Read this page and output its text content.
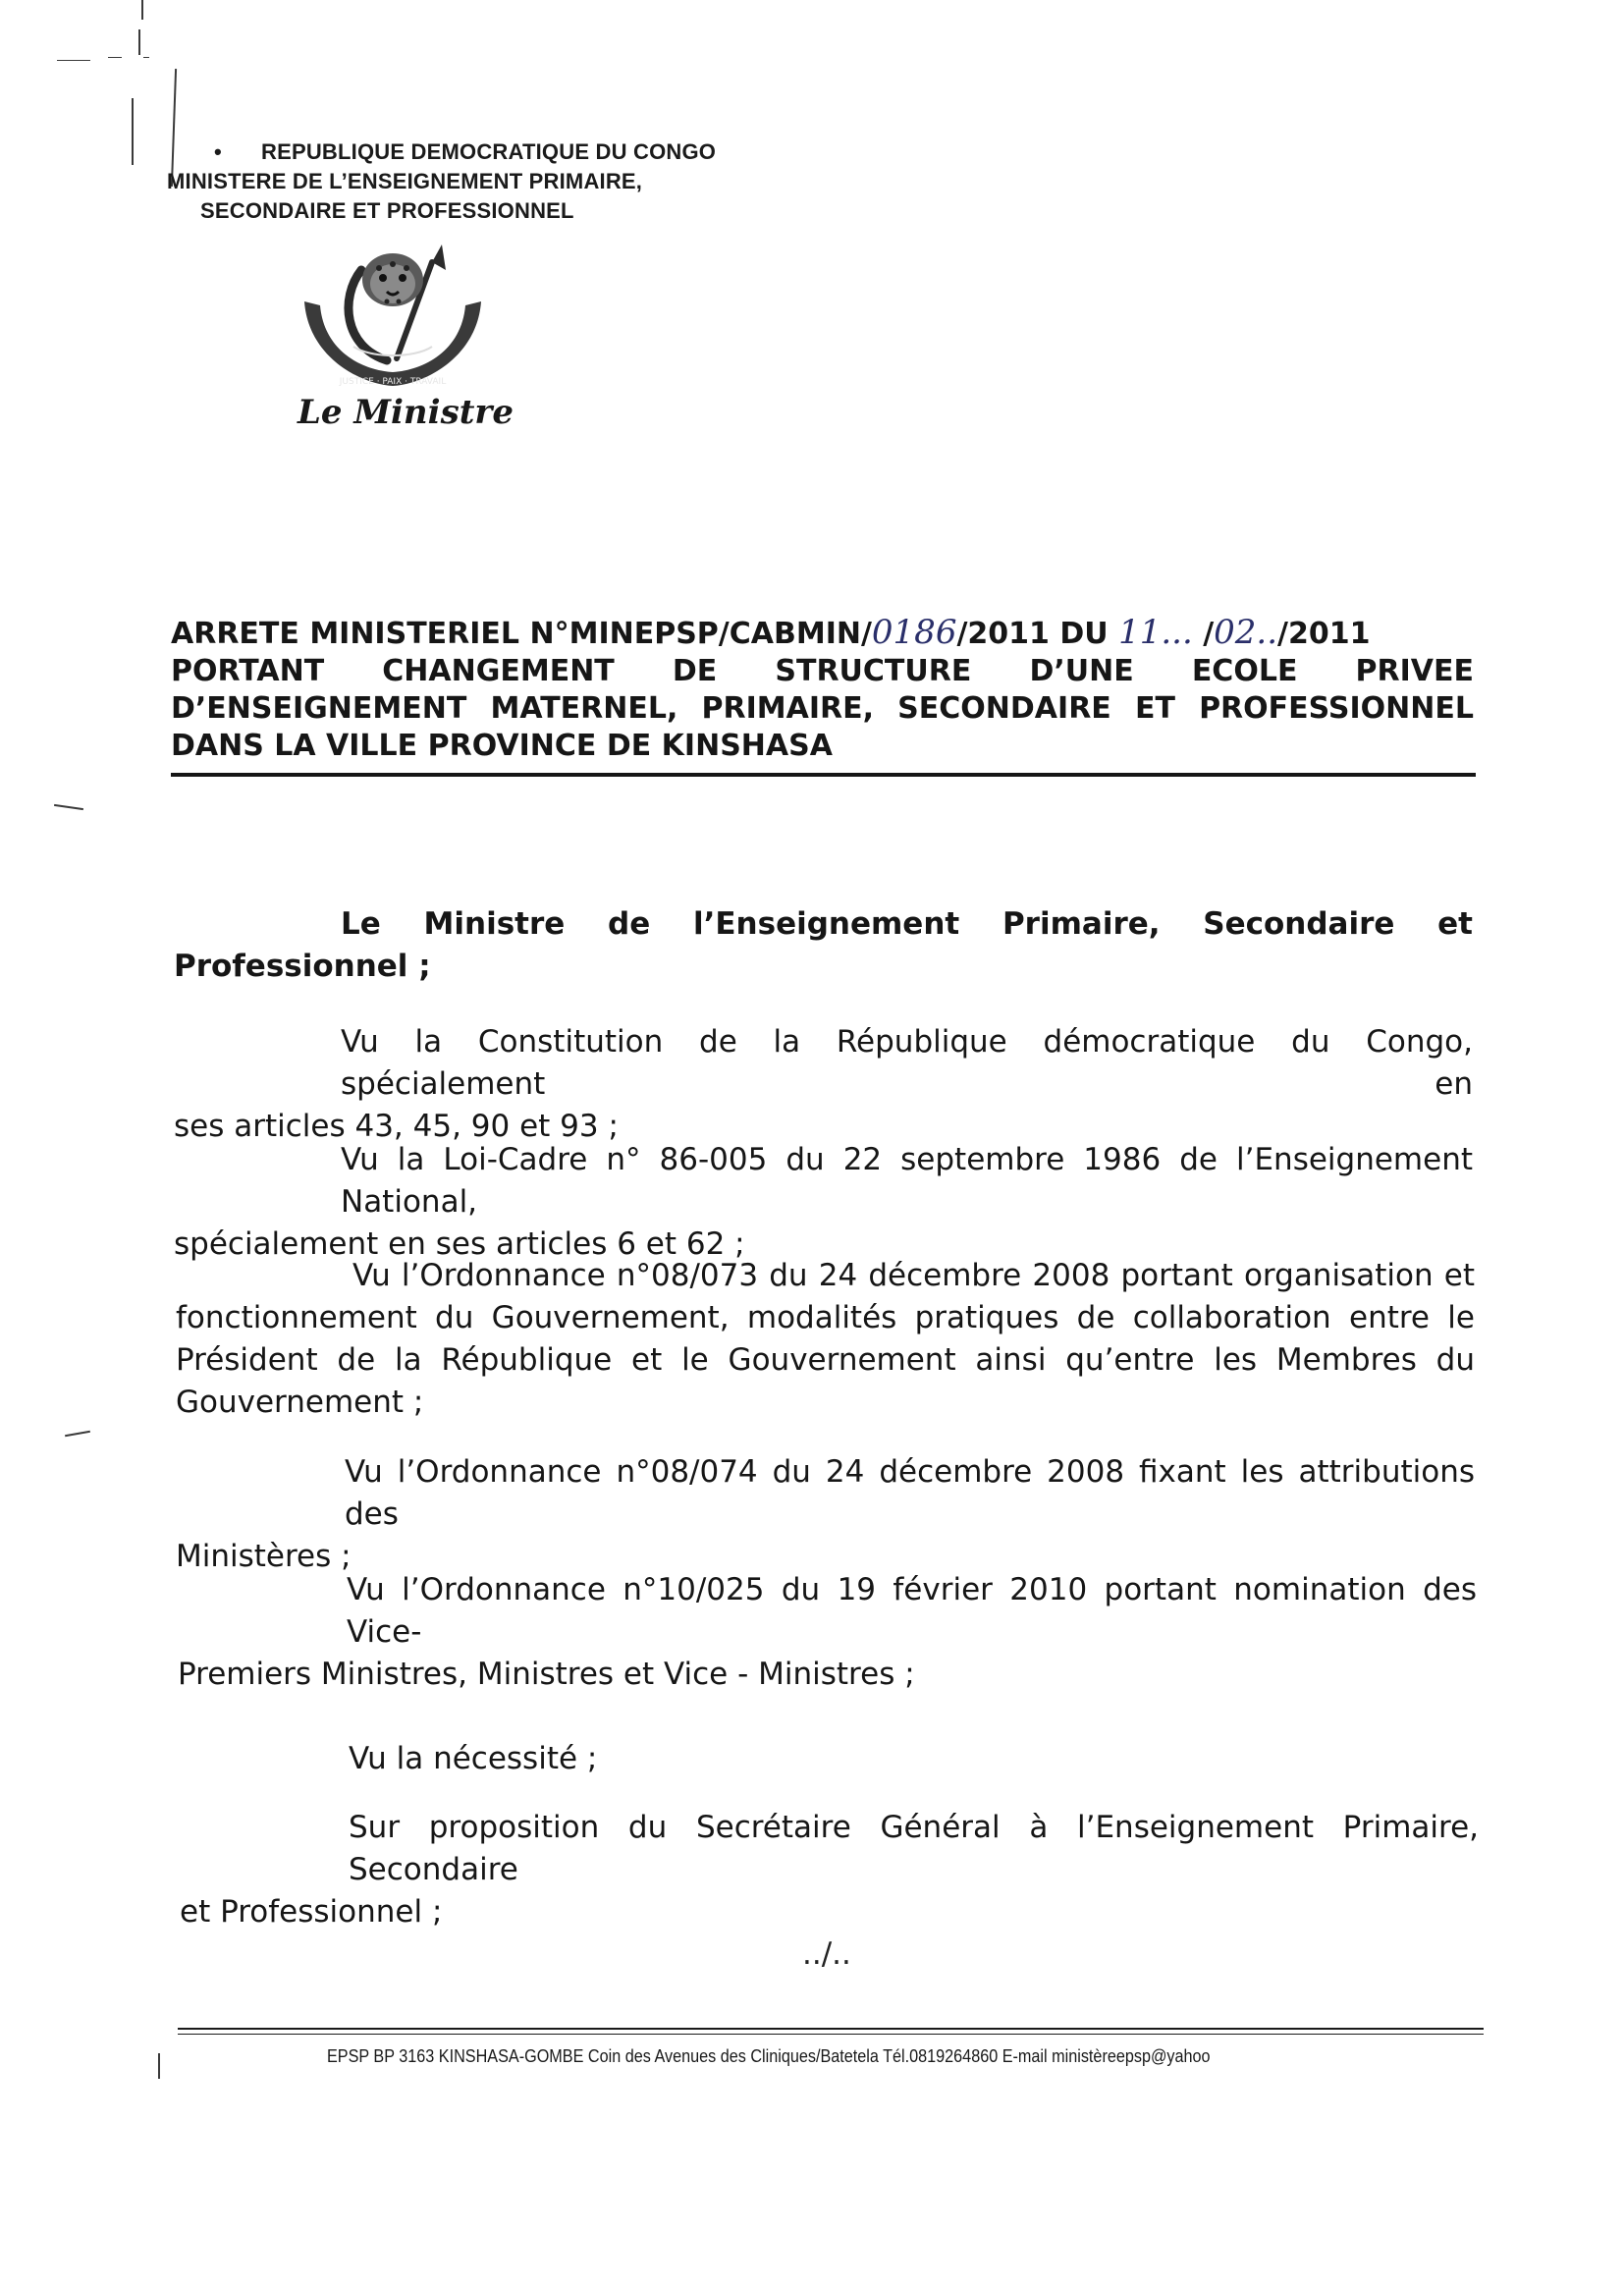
• REPUBLIQUE DEMOCRATIQUE DU CONGO
MINISTERE DE L’ENSEIGNEMENT PRIMAIRE,
SECONDAIRE ET PROFESSIONNEL
JUSTICE · PAIX · TRAVAIL
Le Ministre
ARRETE MINISTERIEL N°MINEPSP/CABMIN/0186/2011 DU 11... /02../2011
PORTANT CHANGEMENT DE STRUCTURE D’UNE ECOLE PRIVEE
D’ENSEIGNEMENT MATERNEL, PRIMAIRE, SECONDAIRE ET PROFESSIONNEL
DANS LA VILLE PROVINCE DE KINSHASA
Le Ministre de l’Enseignement Primaire, Secondaire et
Professionnel ;
Vu la Constitution de la République démocratique du Congo, spécialement en
ses articles 43, 45, 90 et 93 ;
Vu la Loi-Cadre n° 86-005 du 22 septembre 1986 de l’Enseignement National,
spécialement en ses articles 6 et 62 ;
Vu l’Ordonnance n°08/073 du 24 décembre 2008 portant organisation et
fonctionnement du Gouvernement, modalités pratiques de collaboration entre le
Président de la République et le Gouvernement ainsi qu’entre les Membres du
Gouvernement ;
Vu l’Ordonnance n°08/074 du 24 décembre 2008 fixant les attributions des
Ministères ;
Vu l’Ordonnance n°10/025 du 19 février 2010 portant nomination des Vice-
Premiers Ministres, Ministres et Vice - Ministres ;
Vu la nécessité ;
Sur proposition du Secrétaire Général à l’Enseignement Primaire, Secondaire
et Professionnel ;
../..
EPSP BP 3163 KINSHASA-GOMBE Coin des Avenues des Cliniques/Batetela Tél.0819264860 E-mail ministèreepsp@yahoo
